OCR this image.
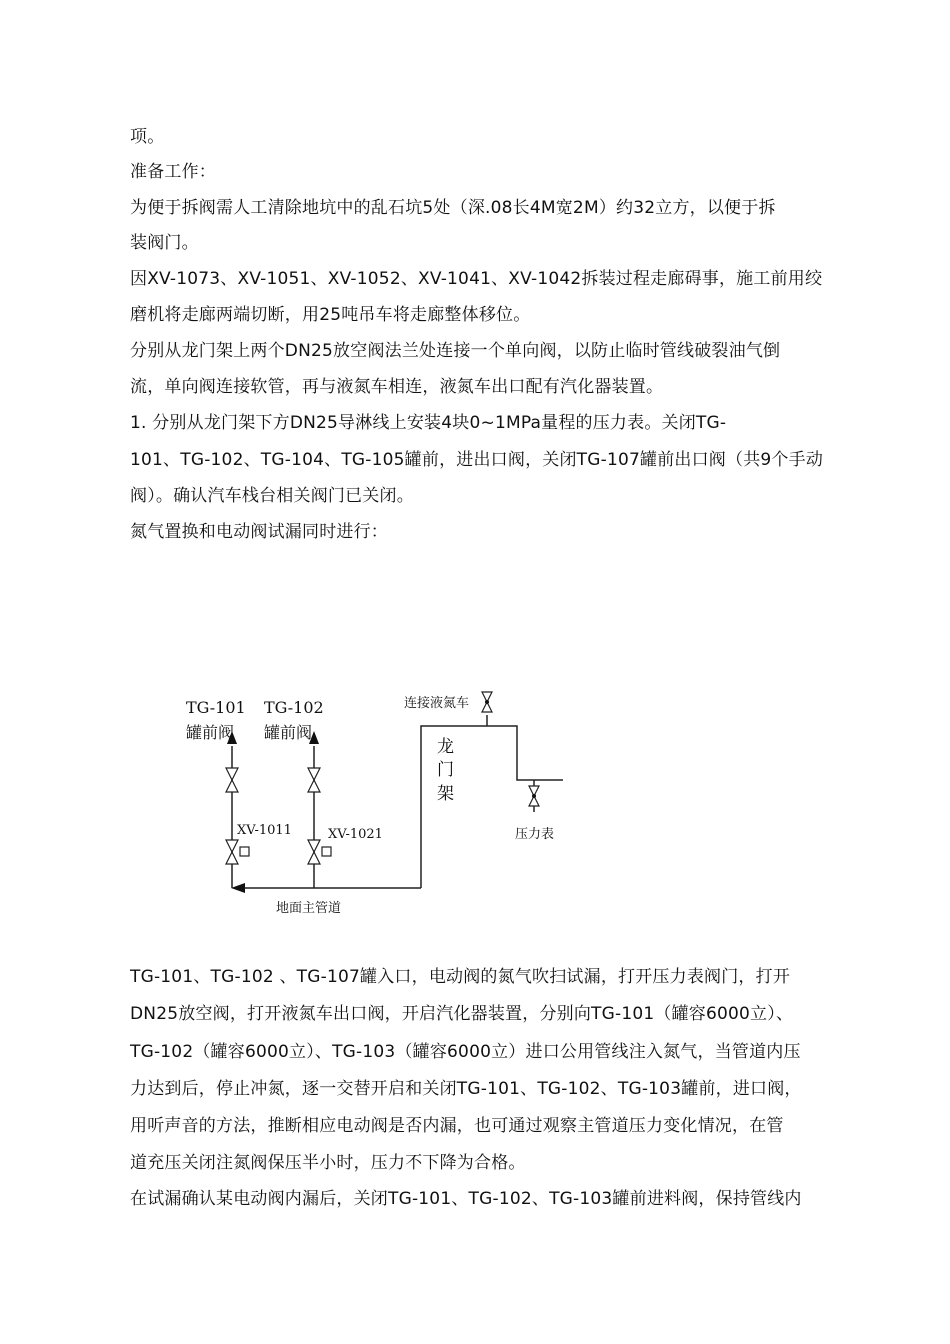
项。
准备工作：
为便于拆阀需人工清除地坑中的乱石坑5处（深.08长4M宽2M）约32立方，以便于拆
装阀门。
因XV-1073、XV-1051、XV-1052、XV-1041、XV-1042拆装过程走廊碍事，施工前用绞
磨机将走廊两端切断，用25吨吊车将走廊整体移位。
分别从龙门架上两个DN25放空阀法兰处连接一个单向阀，以防止临时管线破裂油气倒
流，单向阀连接软管，再与液氮车相连，液氮车出口配有汽化器装置。
1. 分别从龙门架下方DN25导淋线上安装4块0~1MPa量程的压力表。关闭TG-
101、TG-102、TG-104、TG-105罐前，进出口阀，关闭TG-107罐前出口阀（共9个手动
阀）。确认汽车栈台相关阀门已关闭。
氮气置换和电动阀试漏同时进行：
TG-101
罐前阀
TG-102
罐前阀
XV-1011	XV-1021
连接液氮车
龙
门
架
压力表
地面主管道
TG-101、TG-102 、TG-107罐入口，电动阀的氮气吹扫试漏，打开压力表阀门，打开
DN25放空阀，打开液氮车出口阀，开启汽化器装置，分别向TG-101（罐容6000立）、
TG-102（罐容6000立）、TG-103（罐容6000立）进口公用管线注入氮气，当管道内压
力达到后，停止冲氮，逐一交替开启和关闭TG-101、TG-102、TG-103罐前，进口阀，
用听声音的方法，推断相应电动阀是否内漏，也可通过观察主管道压力变化情况，在管
道充压关闭注氮阀保压半小时，压力不下降为合格。
在试漏确认某电动阀内漏后，关闭TG-101、TG-102、TG-103罐前进料阀，保持管线内
